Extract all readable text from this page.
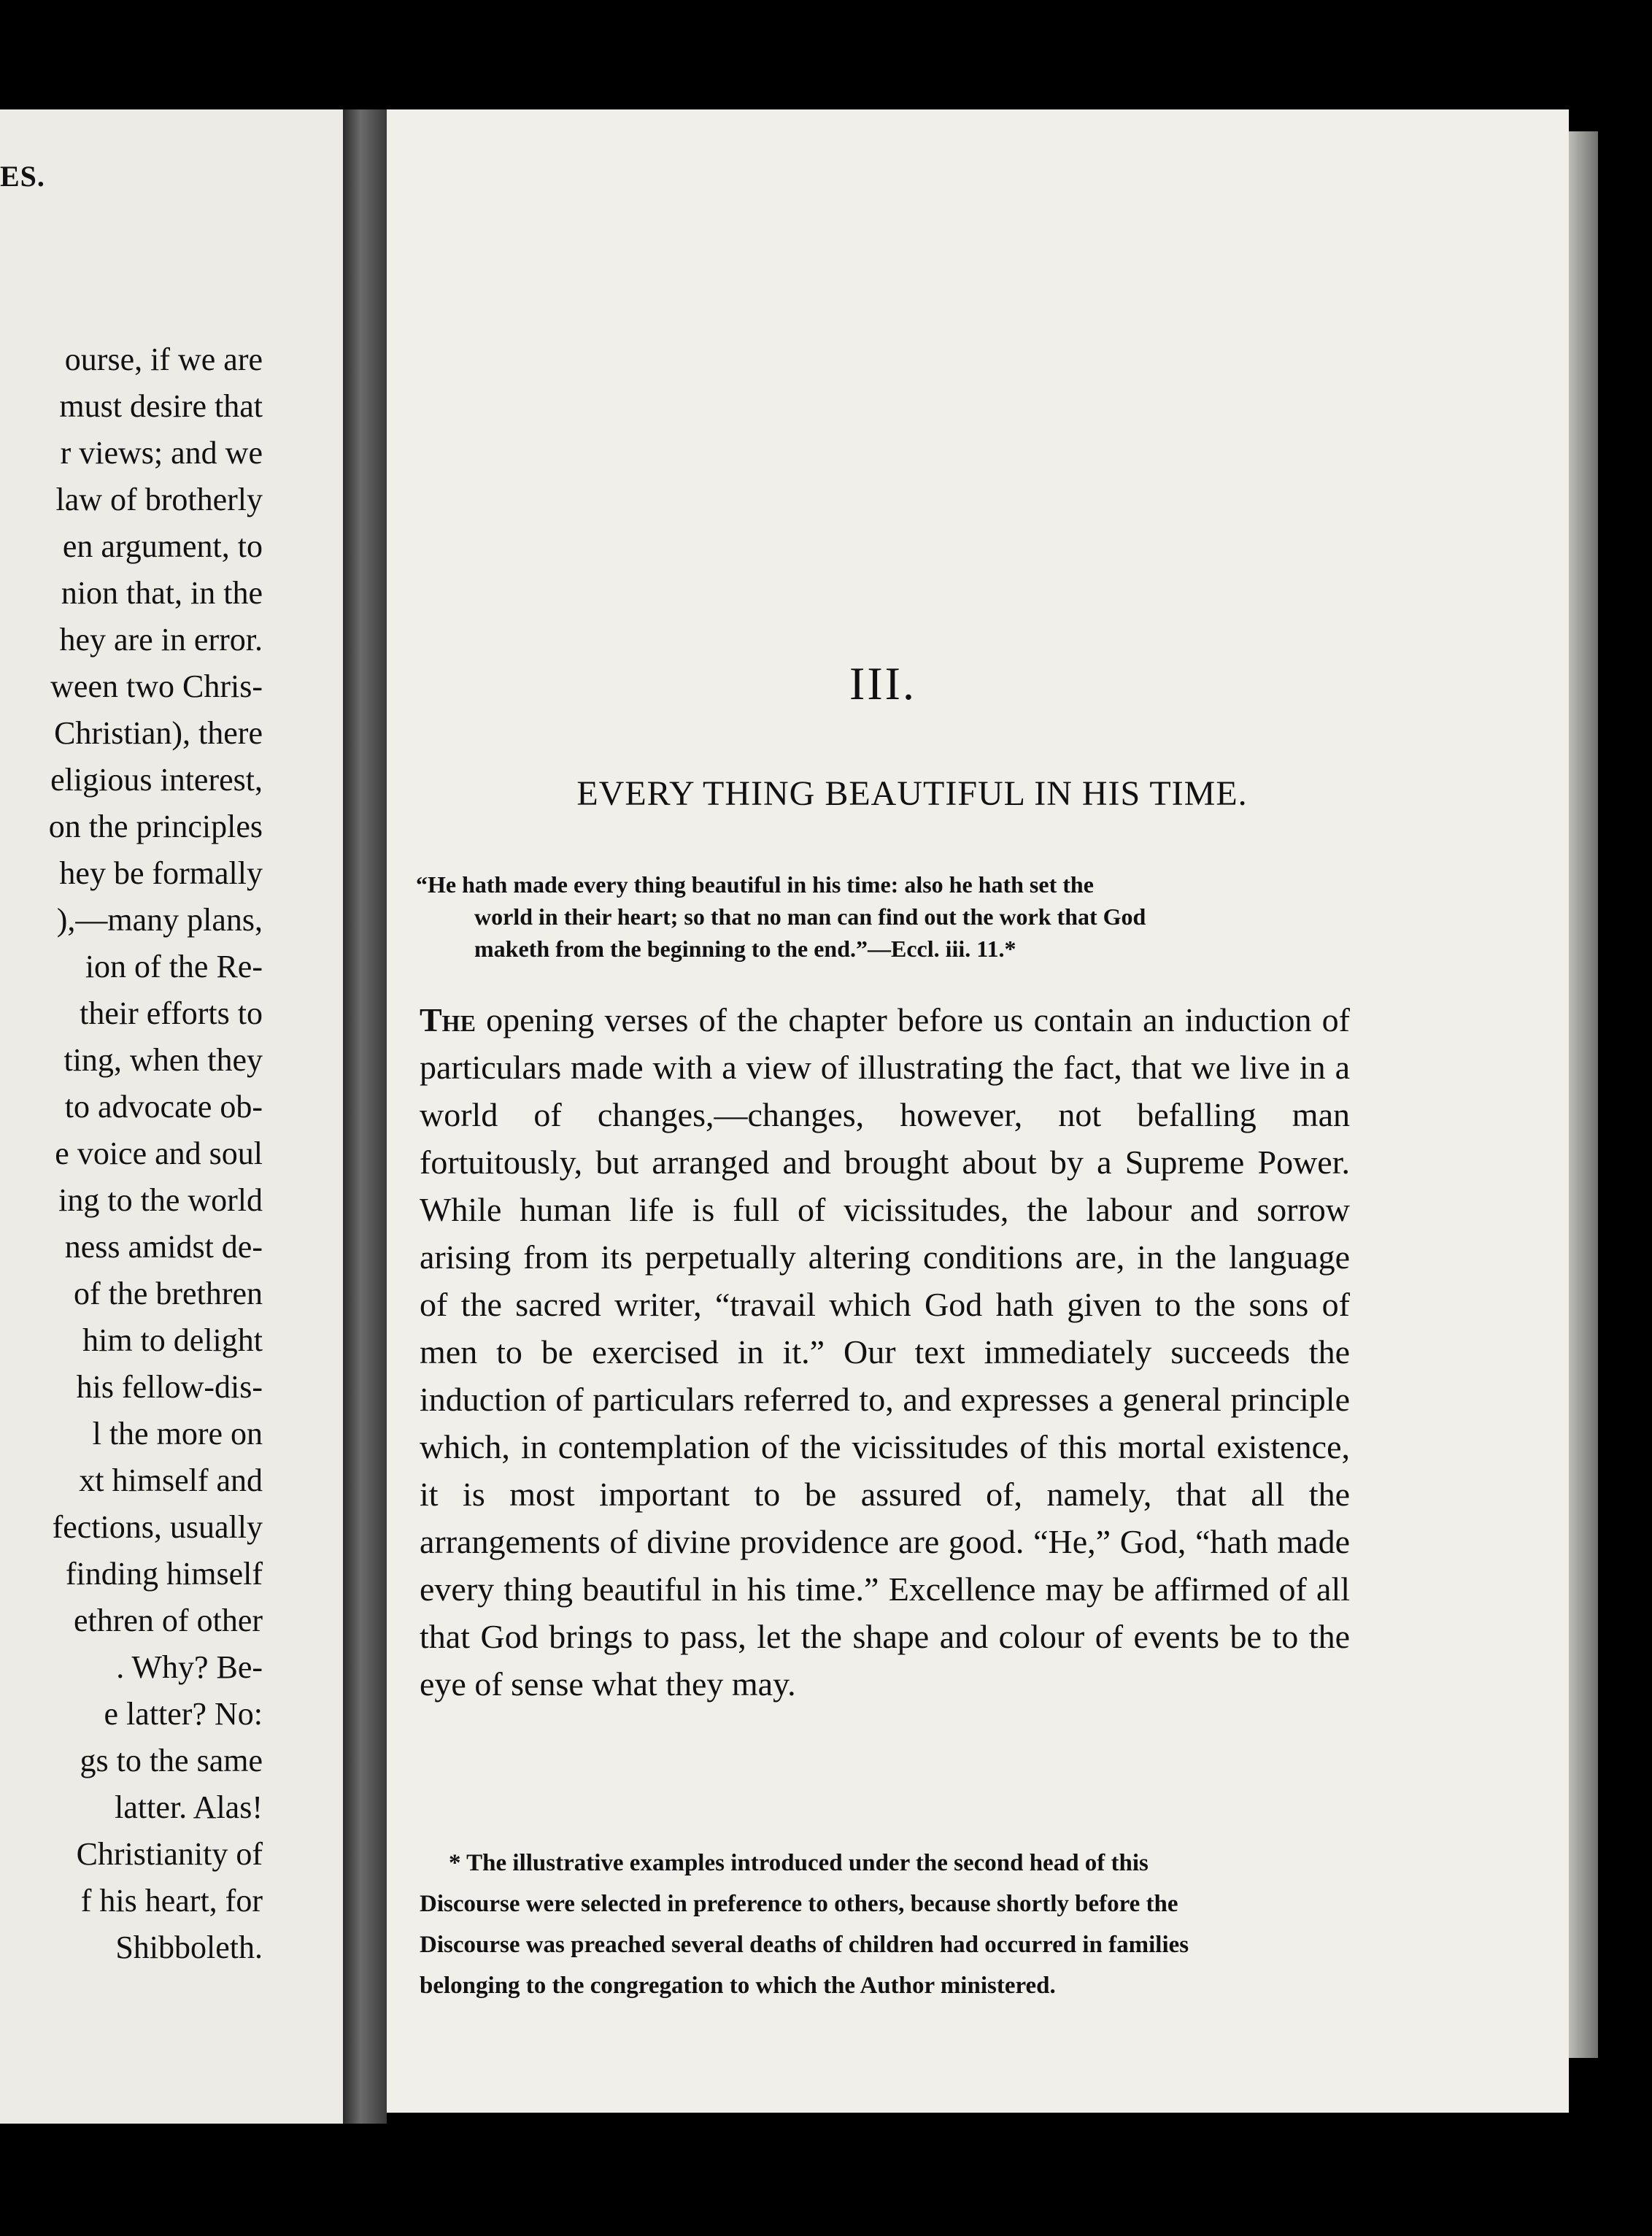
ES.
ourse, if we are
must desire that
r views; and we
law of brotherly
en argument, to
nion that, in the
hey are in error.
ween two Chris-
Christian), there
eligious interest,
on the principles
hey be formally
),—many plans,
ion of the Re-
their efforts to
ting, when they
to advocate ob-
e voice and soul
ing to the world
ness amidst de-
of the brethren
him to delight
his fellow-dis-
l the more on
xt himself and
fections, usually
finding himself
ethren of other
. Why? Be-
e latter? No:
gs to the same
latter. Alas!
Christianity of
f his heart, for
Shibboleth.
III.
EVERY THING BEAUTIFUL IN HIS TIME.
“He hath made every thing beautiful in his time: also he hath set the
world in their heart; so that no man can find out the work that God
maketh from the beginning to the end.”—Eccl. iii. 11.*
The opening verses of the chapter before us contain an induction of particulars made with a view of illustrating the fact, that we live in a world of changes,—changes, however, not befalling man fortuitously, but arranged and brought about by a Supreme Power. While human life is full of vicissitudes, the labour and sorrow arising from its perpetually altering conditions are, in the language of the sacred writer, “travail which God hath given to the sons of men to be exercised in it.” Our text immediately succeeds the induction of particulars referred to, and expresses a general principle which, in contemplation of the vicissitudes of this mortal existence, it is most important to be assured of, namely, that all the arrangements of divine providence are good. “He,” God, “hath made every thing beautiful in his time.” Excellence may be affirmed of all that God brings to pass, let the shape and colour of events be to the eye of sense what they may.
* The illustrative examples introduced under the second head of this
Discourse were selected in preference to others, because shortly before the
Discourse was preached several deaths of children had occurred in families
belonging to the congregation to which the Author ministered.
